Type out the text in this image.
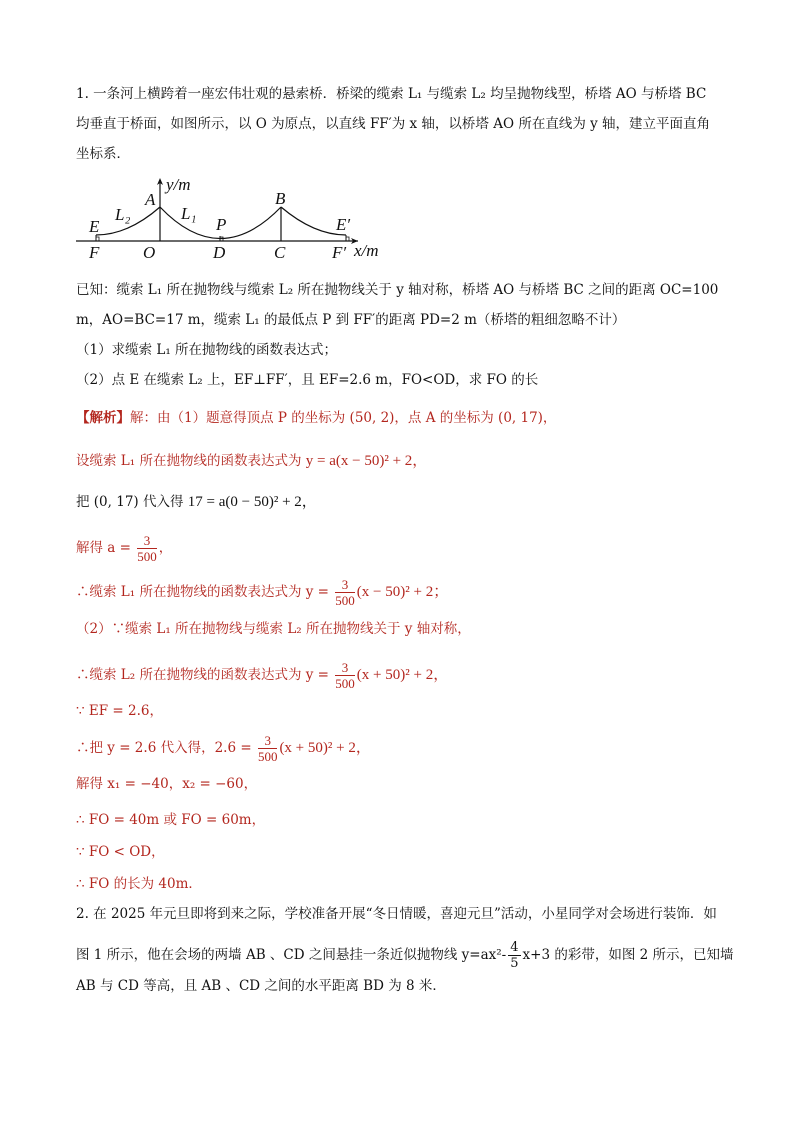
1. 一条河上横跨着一座宏伟壮观的悬索桥．桥梁的缆索 L₁ 与缆索 L₂ 均呈抛物线型，桥塔 AO 与桥塔 BC
均垂直于桥面，如图所示，以 O 为原点，以直线 FF′为 x 轴，以桥塔 AO 所在直线为 y 轴，建立平面直角
坐标系．
y/m
x/m
A	B
E	E′
F	O	D	C	F′
P
L₁
L₂
已知：缆索 L₁ 所在抛物线与缆索 L₂ 所在抛物线关于 y 轴对称，桥塔 AO 与桥塔 BC 之间的距离 OC=100
m，AO=BC=17 m，缆索 L₁ 的最低点 P 到 FF′的距离 PD=2 m（桥塔的粗细忽略不计）
（1）求缆索 L₁ 所在抛物线的函数表达式；
（2）点 E 在缆索 L₂ 上，EF⊥FF′，且 EF=2.6 m，FO<OD，求 FO 的长
【解析】解：由（1）题意得顶点 P 的坐标为 (50, 2)，点 A 的坐标为 (0, 17)，
设缆索 L₁ 所在抛物线的函数表达式为 y = a(x − 50)² + 2，
把 (0, 17) 代入得 17 = a(0 − 50)² + 2，
解得 $a = \frac{3}{500}$ ，
∴缆索 L₁ 所在抛物线的函数表达式为 $y = \frac{3}{500} (x - 50)^2 + 2$；
（2）∵缆索 L₁ 所在抛物线与缆索 L₂ 所在抛物线关于 y 轴对称，
∴缆索 L₂ 所在抛物线的函数表达式为 $y = \frac{3}{500} (x + 50)^2 + 2$，
∵ EF = 2.6，
∴把 y = 2.6 代入得，$2.6 = \frac{3}{500} (x + 50)^2 + 2$，
解得 x₁ = −40，x₂ = −60，
∴ FO = 40m 或 FO = 60m，
∵ FO < OD，
∴ FO 的长为 40m．
2. 在 2025 年元旦即将到来之际，学校准备开展“冬日情暖，喜迎元旦”活动，小星同学对会场进行装饰．如
图 1 所示，他在会场的两墙 AB 、CD 之间悬挂一条近似抛物线 $y=ax^2- \frac{4}{5} x+3$ 的彩带，如图 2 所示，已知墙
AB 与 CD 等高，且 AB 、CD 之间的水平距离 BD 为 8 米．
